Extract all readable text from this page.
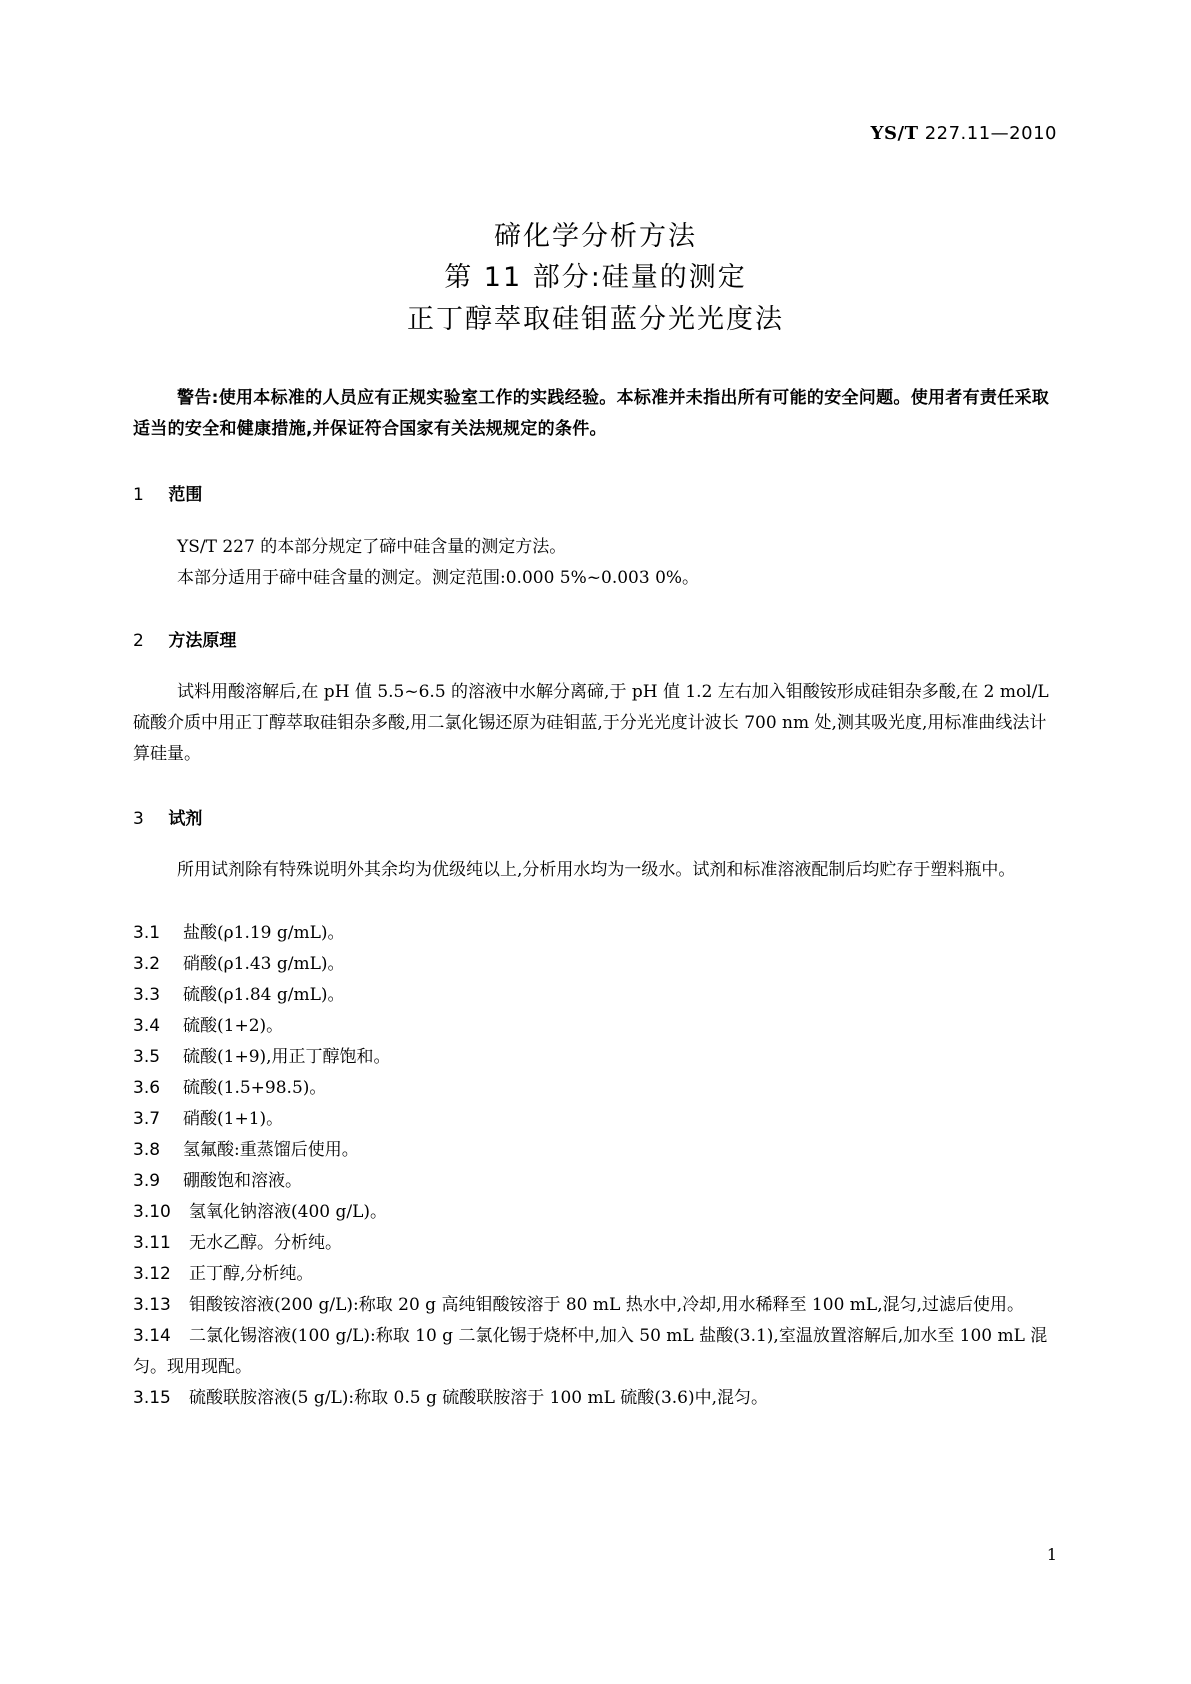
YS/T 227.11—2010
碲化学分析方法
第 11 部分:硅量的测定
正丁醇萃取硅钼蓝分光光度法
警告:使用本标准的人员应有正规实验室工作的实践经验。本标准并未指出所有可能的安全问题。使用者有责任采取适当的安全和健康措施,并保证符合国家有关法规规定的条件。
1 范围

YS/T 227 的本部分规定了碲中硅含量的测定方法。

本部分适用于碲中硅含量的测定。测定范围:0.000 5%~0.003 0%。

2 方法原理

试料用酸溶解后,在 pH 值 5.5~6.5 的溶液中水解分离碲,于 pH 值 1.2 左右加入钼酸铵形成硅钼杂多酸,在 2 mol/L 硫酸介质中用正丁醇萃取硅钼杂多酸,用二氯化锡还原为硅钼蓝,于分光光度计波长 700 nm 处,测其吸光度,用标准曲线法计算硅量。

3 试剂

所用试剂除有特殊说明外其余均为优级纯以上,分析用水均为一级水。试剂和标准溶液配制后均贮存于塑料瓶中。

3.1 盐酸(ρ1.19 g/mL)。

3.2 硝酸(ρ1.43 g/mL)。

3.3 硫酸(ρ1.84 g/mL)。

3.4 硫酸(1+2)。

3.5 硫酸(1+9),用正丁醇饱和。

3.6 硫酸(1.5+98.5)。

3.7 硝酸(1+1)。

3.8 氢氟酸:重蒸馏后使用。

3.9 硼酸饱和溶液。

3.10 氢氧化钠溶液(400 g/L)。

3.11 无水乙醇。分析纯。

3.12 正丁醇,分析纯。

3.13 钼酸铵溶液(200 g/L):称取 20 g 高纯钼酸铵溶于 80 mL 热水中,冷却,用水稀释至 100 mL,混匀,过滤后使用。

3.14 二氯化锡溶液(100 g/L):称取 10 g 二氯化锡于烧杯中,加入 50 mL 盐酸(3.1),室温放置溶解后,加水至 100 mL 混匀。现用现配。

3.15 硫酸联胺溶液(5 g/L):称取 0.5 g 硫酸联胺溶于 100 mL 硫酸(3.6)中,混匀。

1
